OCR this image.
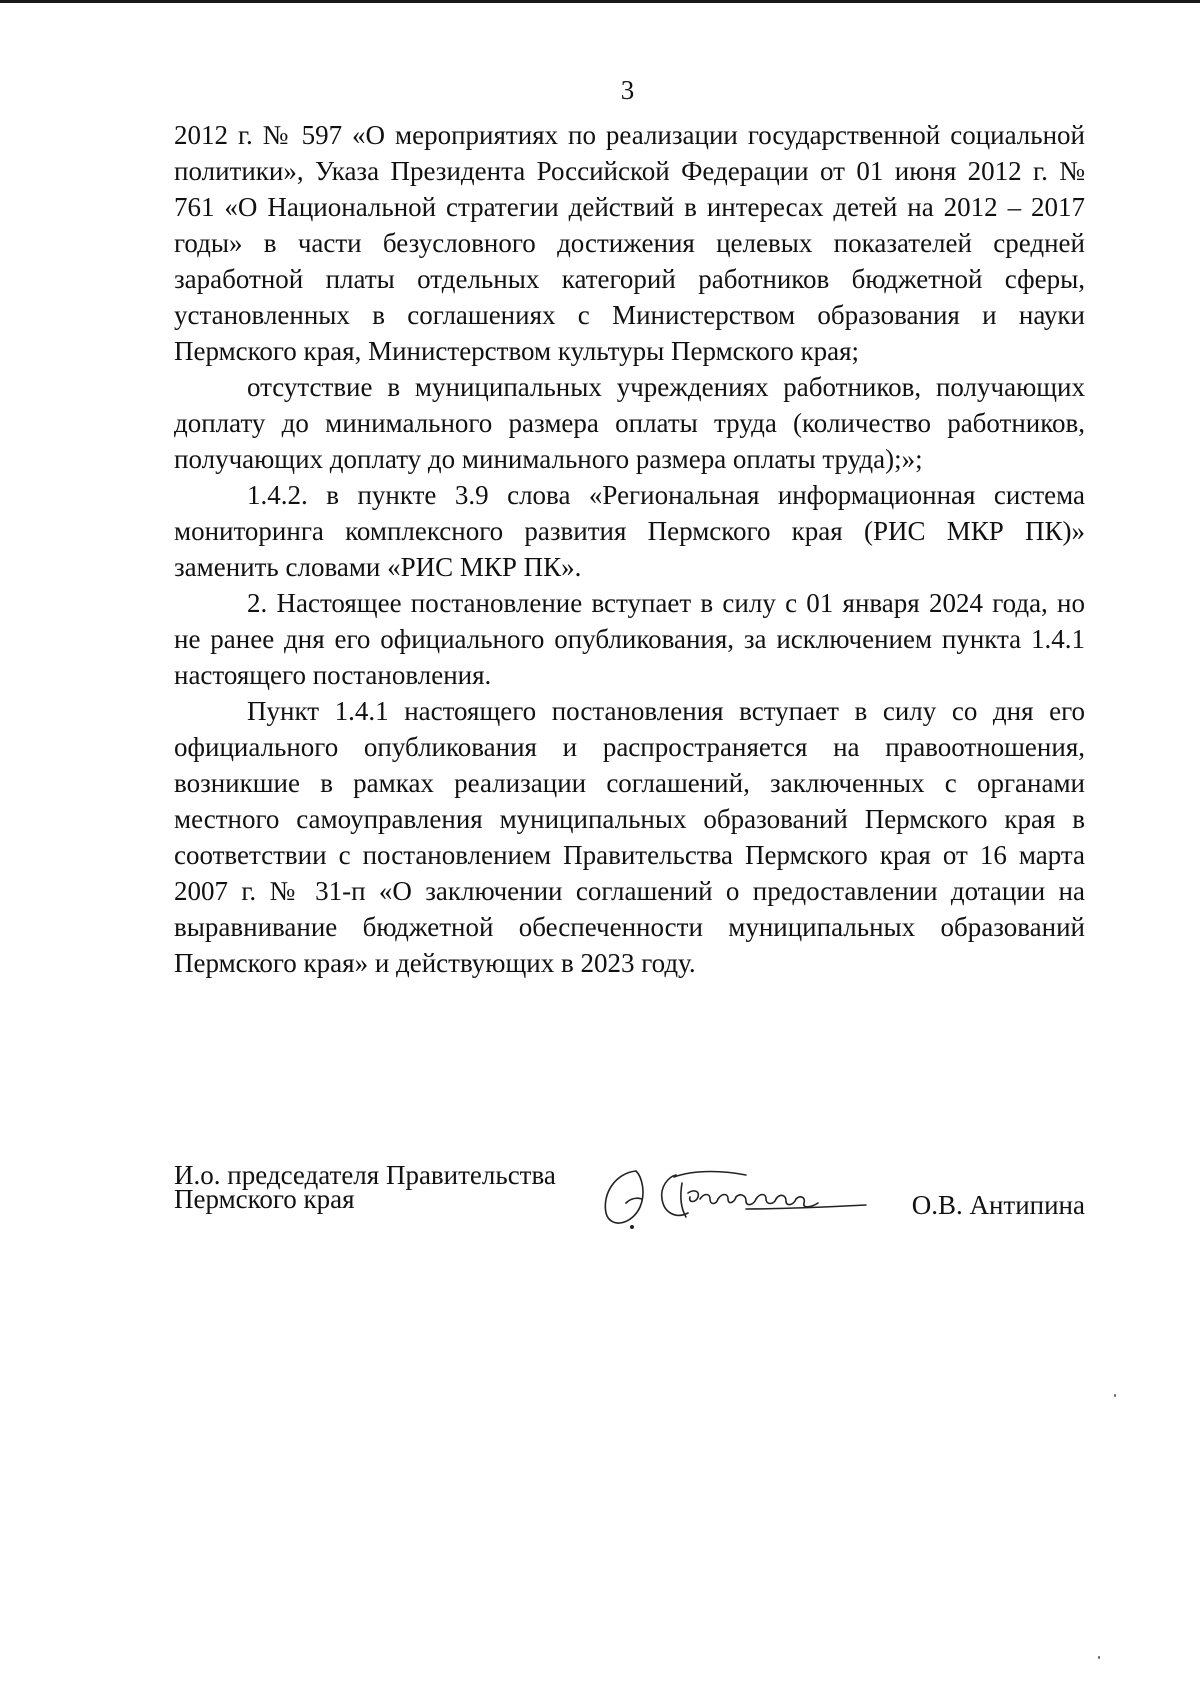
3

2012 г. № 597 «О мероприятиях по реализации государственной социальной политики», Указа Президента Российской Федерации от 01 июня 2012 г. № 761 «О Национальной стратегии действий в интересах детей на 2012 – 2017 годы» в части безусловного достижения целевых показателей средней заработной платы отдельных категорий работников бюджетной сферы, установленных в соглашениях с Министерством образования и науки Пермского края, Министерством культуры Пермского края;

отсутствие в муниципальных учреждениях работников, получающих доплату до минимального размера оплаты труда (количество работников, получающих доплату до минимального размера оплаты труда);»;

1.4.2. в пункте 3.9 слова «Региональная информационная система мониторинга комплексного развития Пермского края (РИС МКР ПК)» заменить словами «РИС МКР ПК».

2. Настоящее постановление вступает в силу с 01 января 2024 года, но не ранее дня его официального опубликования, за исключением пункта 1.4.1 настоящего постановления.

Пункт 1.4.1 настоящего постановления вступает в силу со дня его официального опубликования и распространяется на правоотношения, возникшие в рамках реализации соглашений, заключенных с органами местного самоуправления муниципальных образований Пермского края в соответствии с постановлением Правительства Пермского края от 16 марта 2007 г. № 31-п «О заключении соглашений о предоставлении дотации на выравнивание бюджетной обеспеченности муниципальных образований Пермского края» и действующих в 2023 году.

И.о. председателя Правительства
Пермского края	О.В. Антипина
